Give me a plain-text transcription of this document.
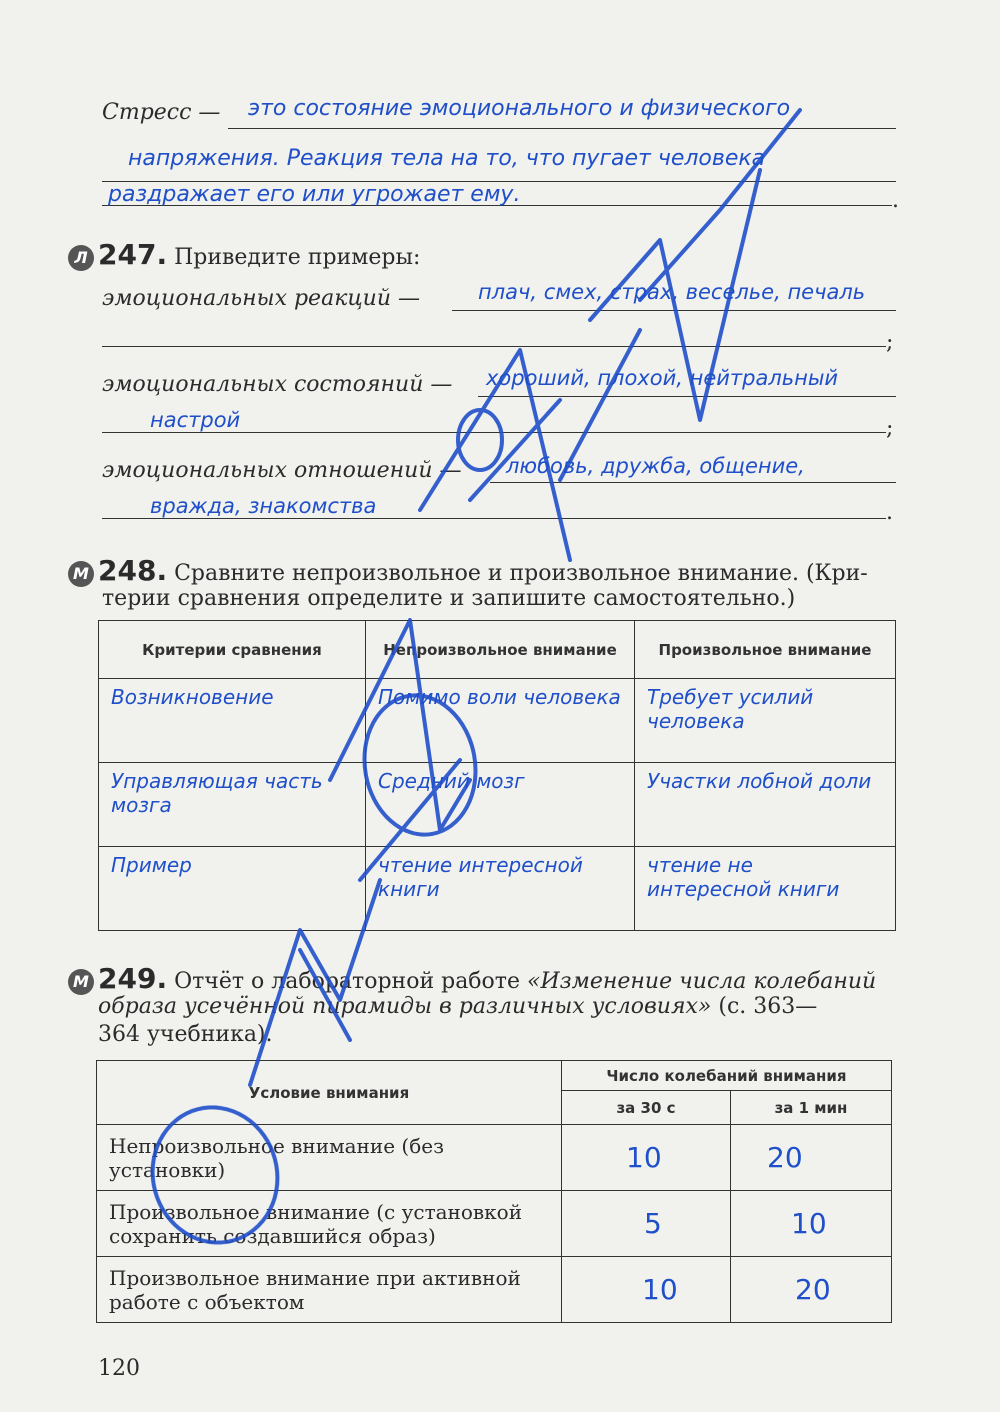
Стресс — это состояние эмоционального и физического
напряжения. Реакция тела на то, что пугает человека
раздражает его или угрожает ему.	.
Л 247. Приведите примеры:
эмоциональных реакций —	плач, смех, страх, веселье, печаль
;
эмоциональных состояний — хороший, плохой, нейтральный
настрой	;
эмоциональных отношений — любовь, дружба, общение,
вражда, знакомства	.
М 248. Сравните непроизвольное и произвольное внимание. (Кри-
терии сравнения определите и запишите самостоятельно.)
Критерии сравнения	Непроизвольное внимание	Произвольное внимание
Возникновение	Помимо воли человека	Требует усилий человека
Управляющая часть мозга	Средний мозг	Участки лобной доли
Пример	чтение интересной книги	чтение не интересной книги
М 249. Отчёт о лабораторной работе «Изменение числа колебаний
образа усечённой пирамиды в различных условиях» (с. 363—
364 учебника).
Условие внимания	Число колебаний внимания	
	за 30 с	за 1 мин
Непроизвольное внимание (без установки)	10	20
Произвольное внимание (с установкой сохранить создавшийся образ)	5	10
Произвольное внимание при активной работе с объектом	10	20
120
